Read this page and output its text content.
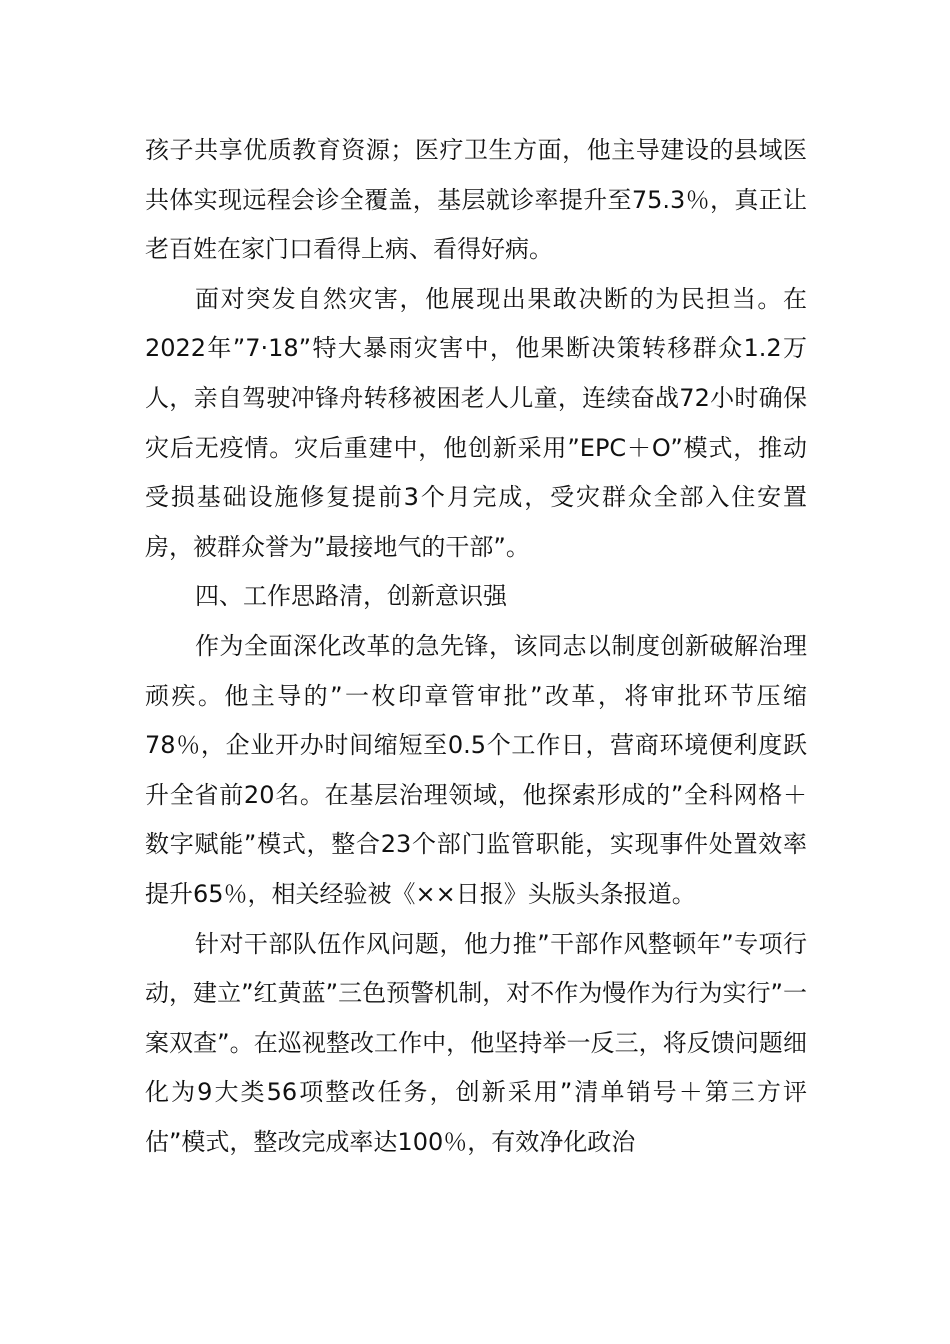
孩子共享优质教育资源；医疗卫生方面，他主导建设的县域医共体实现远程会诊全覆盖，基层就诊率提升至75.3％，真正让老百姓在家门口看得上病、看得好病。

面对突发自然灾害，他展现出果敢决断的为民担当。在2022年”7·18”特大暴雨灾害中，他果断决策转移群众1.2万人，亲自驾驶冲锋舟转移被困老人儿童，连续奋战72小时确保灾后无疫情。灾后重建中，他创新采用”EPC＋O”模式，推动受损基础设施修复提前3个月完成，受灾群众全部入住安置房，被群众誉为”最接地气的干部”。

四、工作思路清，创新意识强

作为全面深化改革的急先锋，该同志以制度创新破解治理顽疾。他主导的”一枚印章管审批”改革，将审批环节压缩78％，企业开办时间缩短至0.5个工作日，营商环境便利度跃升全省前20名。在基层治理领域，他探索形成的”全科网格＋数字赋能”模式，整合23个部门监管职能，实现事件处置效率提升65％，相关经验被《××日报》头版头条报道。

针对干部队伍作风问题，他力推”干部作风整顿年”专项行动，建立”红黄蓝”三色预警机制，对不作为慢作为行为实行”一案双查”。在巡视整改工作中，他坚持举一反三，将反馈问题细化为9大类56项整改任务，创新采用”清单销号＋第三方评估”模式，整改完成率达100％，有效净化政治
